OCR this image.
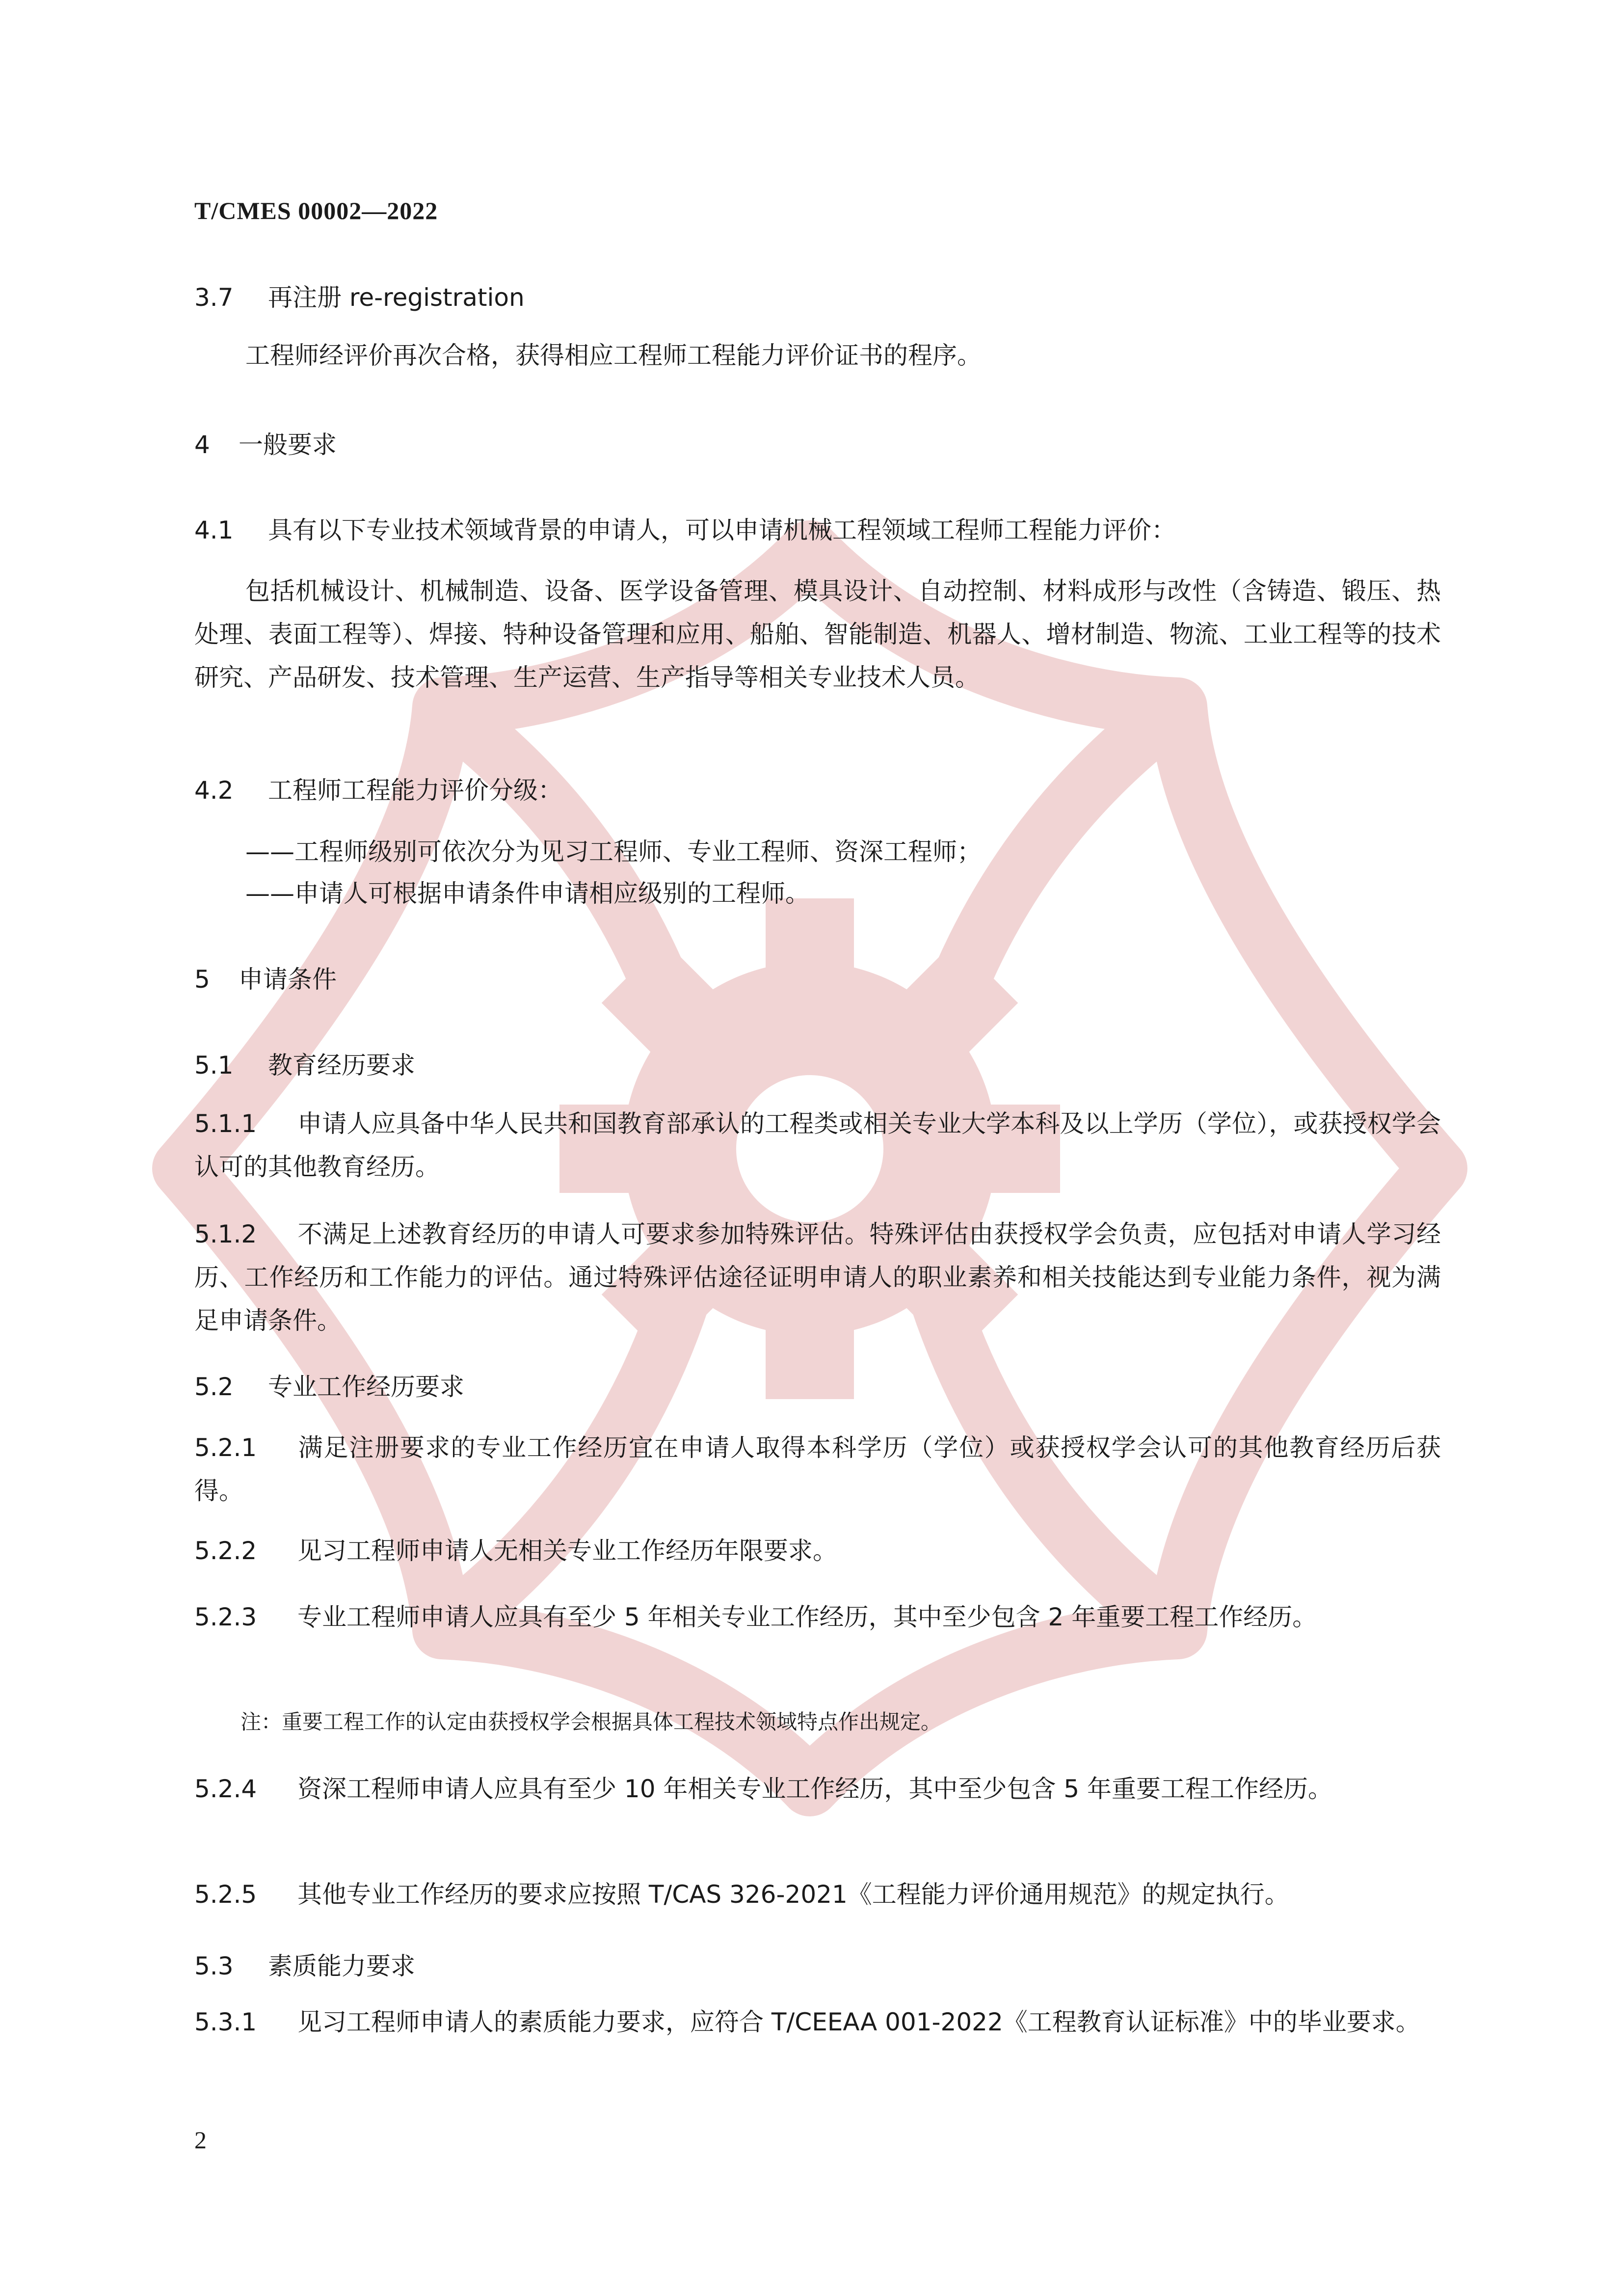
T/CMES 00002—2022
3.7 再注册 re-registration
工程师经评价再次合格，获得相应工程师工程能力评价证书的程序。
4 一般要求
4.1 具有以下专业技术领域背景的申请人，可以申请机械工程领域工程师工程能力评价：
包括机械设计、机械制造、设备、医学设备管理、模具设计、自动控制、材料成形与改性（含铸造、锻压、热处理、表面工程等）、焊接、特种设备管理和应用、船舶、智能制造、机器人、增材制造、物流、工业工程等的技术研究、产品研发、技术管理、生产运营、生产指导等相关专业技术人员。
4.2 工程师工程能力评价分级：
——工程师级别可依次分为见习工程师、专业工程师、资深工程师；
——申请人可根据申请条件申请相应级别的工程师。
5 申请条件
5.1 教育经历要求
5.1.1 申请人应具备中华人民共和国教育部承认的工程类或相关专业大学本科及以上学历（学位），或获授权学会认可的其他教育经历。
5.1.2 不满足上述教育经历的申请人可要求参加特殊评估。特殊评估由获授权学会负责，应包括对申请人学习经历、工作经历和工作能力的评估。通过特殊评估途径证明申请人的职业素养和相关技能达到专业能力条件，视为满足申请条件。
5.2 专业工作经历要求
5.2.1 满足注册要求的专业工作经历宜在申请人取得本科学历（学位）或获授权学会认可的其他教育经历后获得。
5.2.2 见习工程师申请人无相关专业工作经历年限要求。
5.2.3 专业工程师申请人应具有至少 5 年相关专业工作经历，其中至少包含 2 年重要工程工作经历。
注：重要工程工作的认定由获授权学会根据具体工程技术领域特点作出规定。
5.2.4 资深工程师申请人应具有至少 10 年相关专业工作经历，其中至少包含 5 年重要工程工作经历。
5.2.5 其他专业工作经历的要求应按照 T/CAS 326-2021《工程能力评价通用规范》的规定执行。
5.3 素质能力要求
5.3.1 见习工程师申请人的素质能力要求，应符合 T/CEEAA 001-2022《工程教育认证标准》中的毕业要求。
2
